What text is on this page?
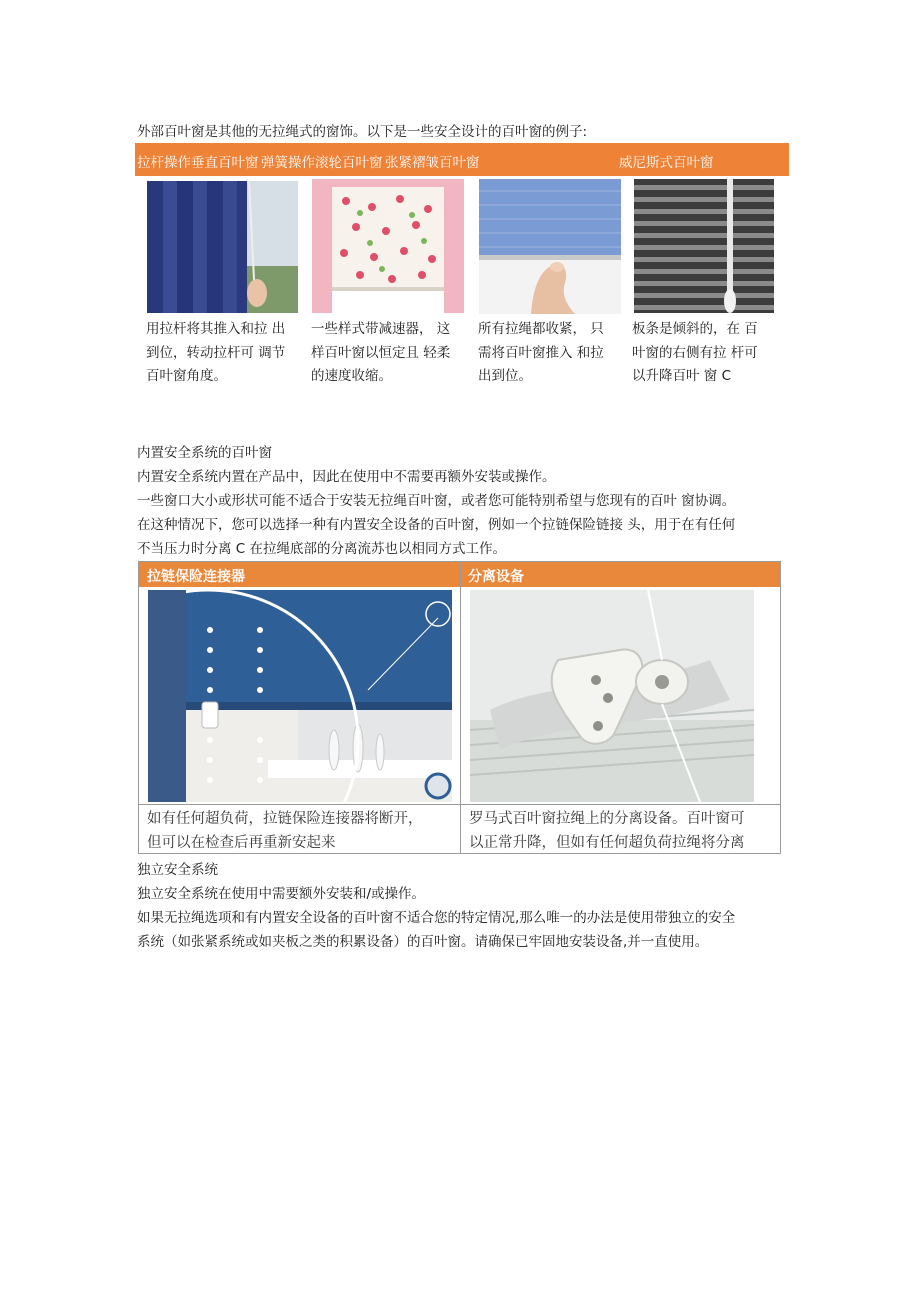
外部百叶窗是其他的无拉绳式的窗饰。以下是一些安全设计的百叶窗的例子:
拉杆操作垂直百叶窗 弹簧操作滚轮百叶窗 张紧褶皱百叶窗	威尼斯式百叶窗
用拉杆将其推入和拉 出
到位，转动拉杆可 调节
百叶窗角度。
一些样式带减速器， 这
样百叶窗以恒定且 轻柔
的速度收缩。
所有拉绳都收紧， 只
需将百叶窗推入 和拉
出到位。
板条是倾斜的，在 百
叶窗的右侧有拉 杆可
以升降百叶 窗 C
内置安全系统的百叶窗
内置安全系统内置在产品中，因此在使用中不需要再额外安装或操作。
一些窗口大小或形状可能不适合于安装无拉绳百叶窗，或者您可能特别希望与您现有的百叶 窗协调。
在这种情况下，您可以选择一种有内置安全设备的百叶窗，例如一个拉链保险链接 头，用于在有任何
不当压力时分离 C 在拉绳底部的分离流苏也以相同方式工作。
拉链保险连接器	分离设备
如有任何超负荷，拉链保险连接器将断开，
但可以在检查后再重新安起来
罗马式百叶窗拉绳上的分离设备。百叶窗可
以正常升降，但如有任何超负荷拉绳将分离
独立安全系统
独立安全系统在使用中需要额外安装和/或操作。
如果无拉绳选项和有内置安全设备的百叶窗不适合您的特定情况,那么唯一的办法是使用带独立的安全
系统（如张紧系统或如夹板之类的积累设备）的百叶窗。请确保已牢固地安装设备,并一直使用。
